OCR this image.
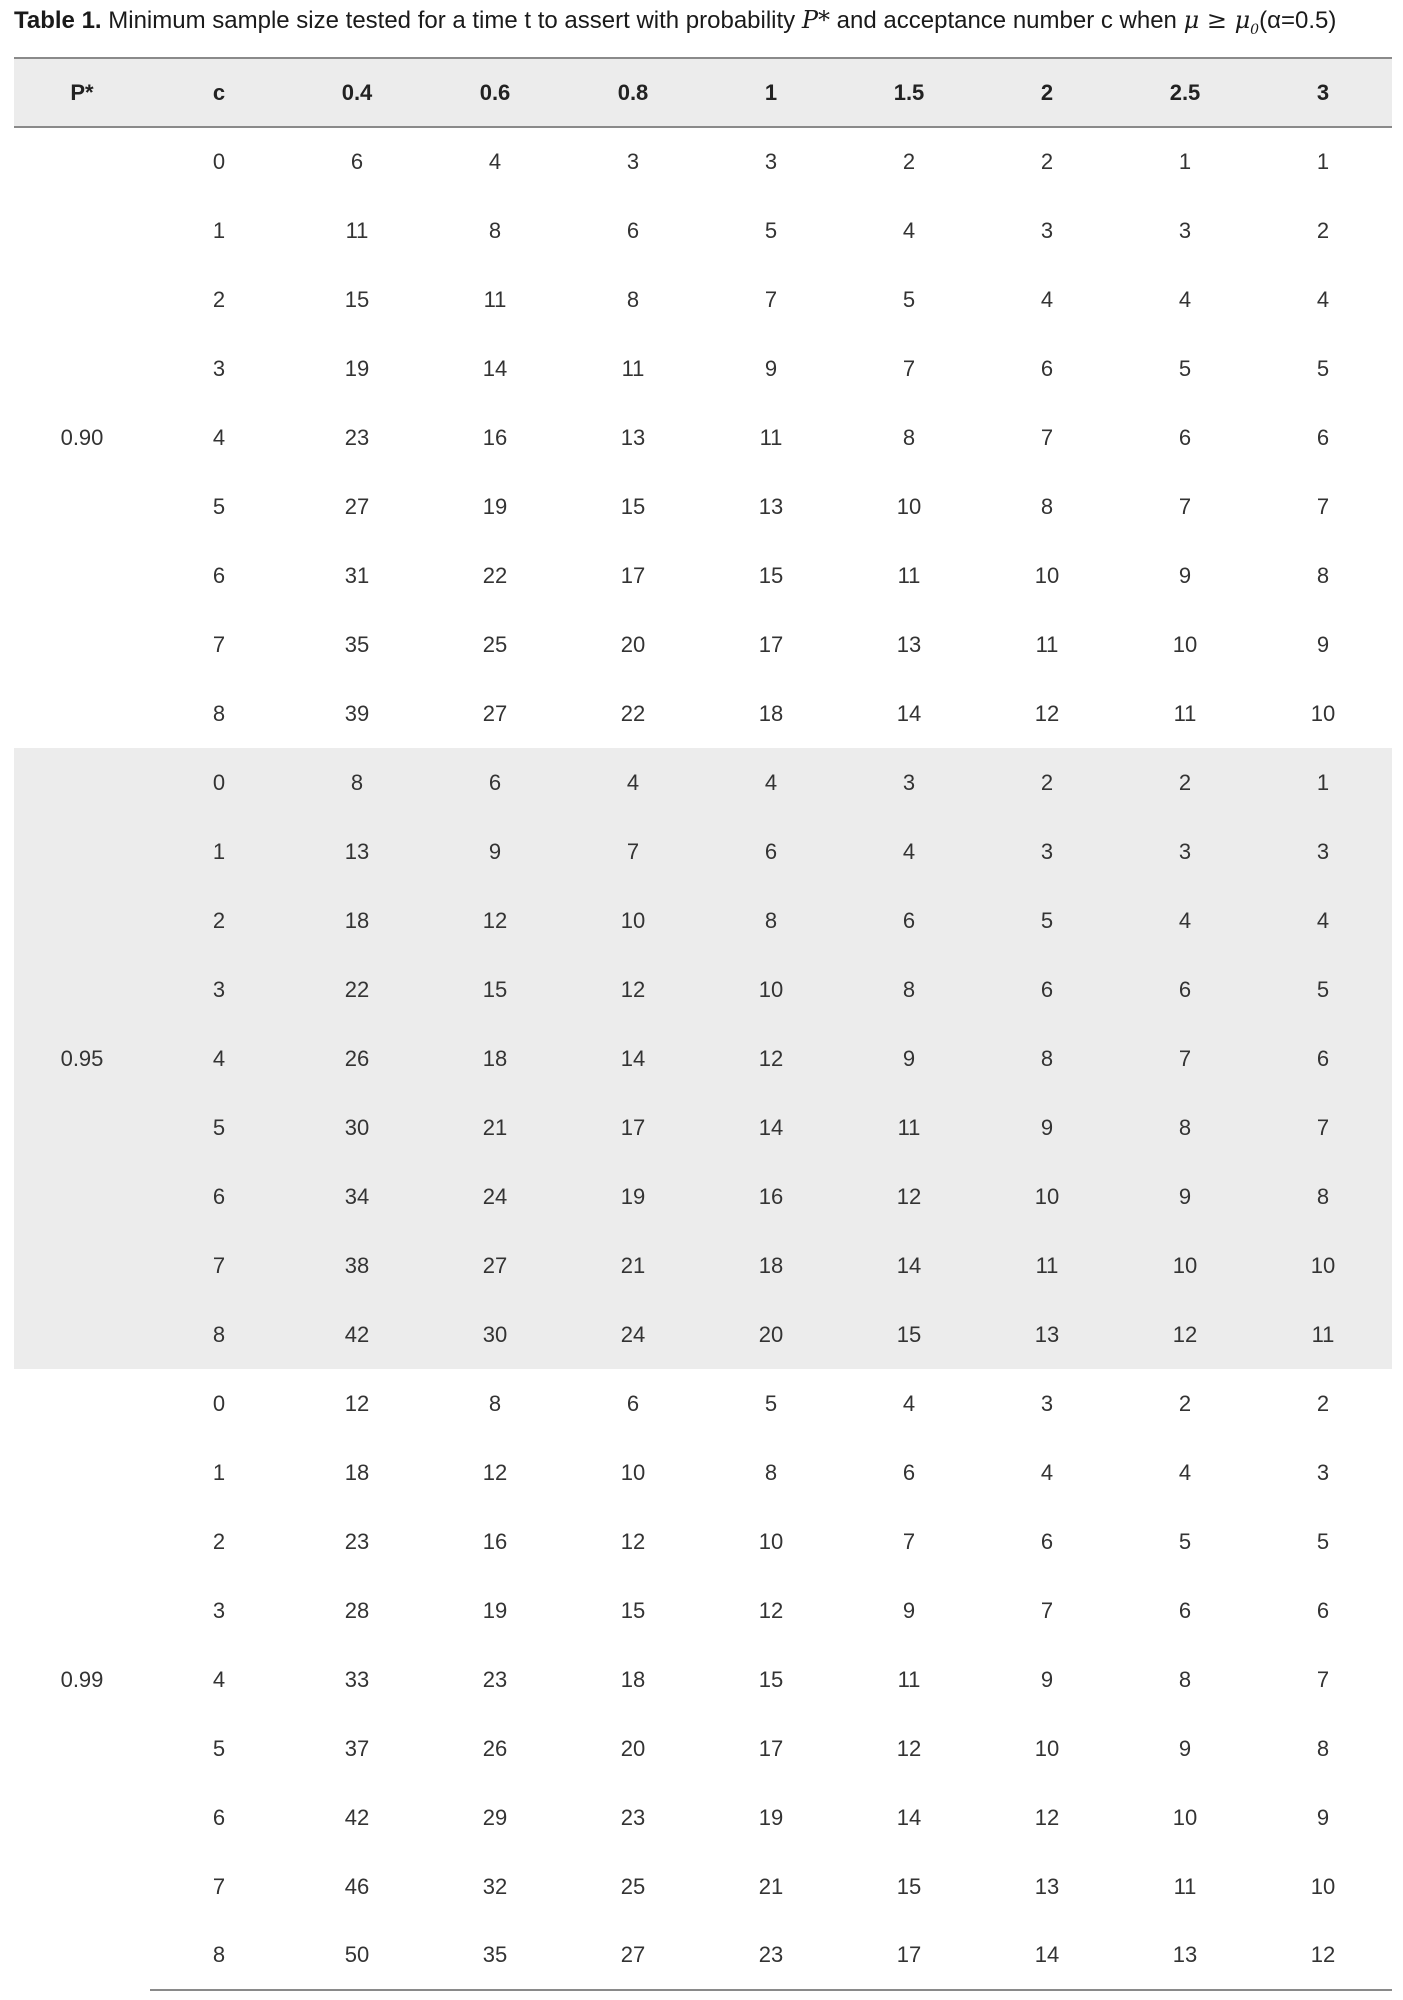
Table 1. Minimum sample size tested for a time t to assert with probability P* and acceptance number c when $\mu \ge \mu_0(\alpha=0.5)$
P*	c	0.4	0.6	0.8	1	1.5	2	2.5	3
0.90	0	6	4	3	3	2	2	1	1
	1	11	8	6	5	4	3	3	2
	2	15	11	8	7	5	4	4	4
	3	19	14	11	9	7	6	5	5
	4	23	16	13	11	8	7	6	6
	5	27	19	15	13	10	8	7	7
	6	31	22	17	15	11	10	9	8
	7	35	25	20	17	13	11	10	9
	8	39	27	22	18	14	12	11	10
0.95	0	8	6	4	4	3	2	2	1
	1	13	9	7	6	4	3	3	3
	2	18	12	10	8	6	5	4	4
	3	22	15	12	10	8	6	6	5
	4	26	18	14	12	9	8	7	6
	5	30	21	17	14	11	9	8	7
	6	34	24	19	16	12	10	9	8
	7	38	27	21	18	14	11	10	10
	8	42	30	24	20	15	13	12	11
0.99	0	12	8	6	5	4	3	2	2
	1	18	12	10	8	6	4	4	3
	2	23	16	12	10	7	6	5	5
	3	28	19	15	12	9	7	6	6
	4	33	23	18	15	11	9	8	7
	5	37	26	20	17	12	10	9	8
	6	42	29	23	19	14	12	10	9
	7	46	32	25	21	15	13	11	10
	8	50	35	27	23	17	14	13	12
